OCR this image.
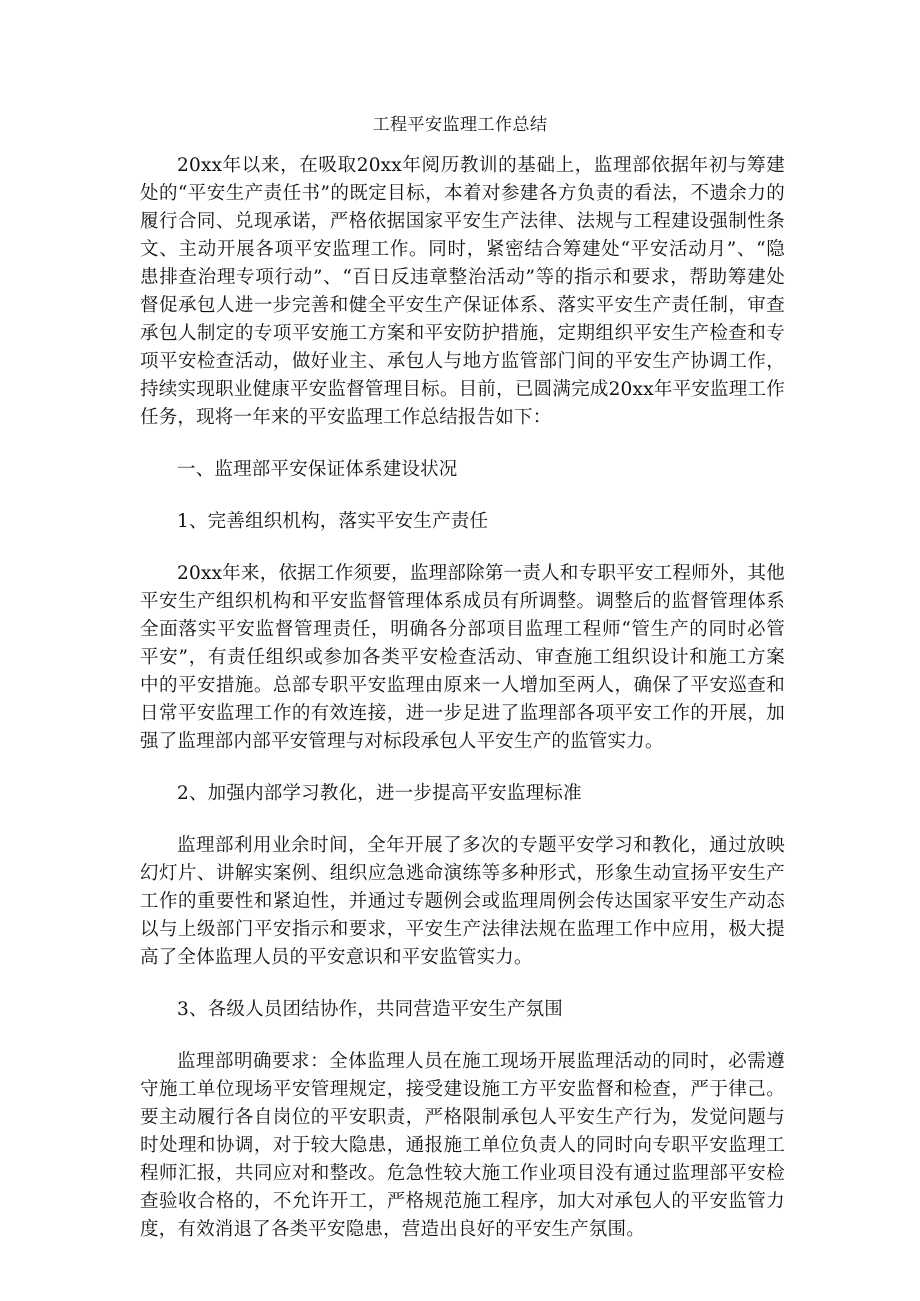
工程平安监理工作总结

20xx年以来，在吸取20xx年阅历教训的基础上，监理部依据年初与筹建处的“平安生产责任书”的既定目标，本着对参建各方负责的看法，不遗余力的履行合同、兑现承诺，严格依据国家平安生产法律、法规与工程建设强制性条文、主动开展各项平安监理工作。同时，紧密结合筹建处“平安活动月”、“隐患排查治理专项行动”、“百日反违章整治活动”等的指示和要求，帮助筹建处督促承包人进一步完善和健全平安生产保证体系、落实平安生产责任制，审查承包人制定的专项平安施工方案和平安防护措施，定期组织平安生产检查和专项平安检查活动，做好业主、承包人与地方监管部门间的平安生产协调工作，持续实现职业健康平安监督管理目标。目前，已圆满完成20xx年平安监理工作任务，现将一年来的平安监理工作总结报告如下：

一、监理部平安保证体系建设状况

1、完善组织机构，落实平安生产责任

20xx年来，依据工作须要，监理部除第一责人和专职平安工程师外，其他平安生产组织机构和平安监督管理体系成员有所调整。调整后的监督管理体系全面落实平安监督管理责任，明确各分部项目监理工程师“管生产的同时必管平安”，有责任组织或参加各类平安检查活动、审查施工组织设计和施工方案中的平安措施。总部专职平安监理由原来一人增加至两人，确保了平安巡查和日常平安监理工作的有效连接，进一步足进了监理部各项平安工作的开展，加强了监理部内部平安管理与对标段承包人平安生产的监管实力。

2、加强内部学习教化，进一步提高平安监理标准

监理部利用业余时间，全年开展了多次的专题平安学习和教化，通过放映幻灯片、讲解实案例、组织应急逃命演练等多种形式，形象生动宣扬平安生产工作的重要性和紧迫性，并通过专题例会或监理周例会传达国家平安生产动态以与上级部门平安指示和要求，平安生产法律法规在监理工作中应用，极大提高了全体监理人员的平安意识和平安监管实力。

3、各级人员团结协作，共同营造平安生产氛围

监理部明确要求：全体监理人员在施工现场开展监理活动的同时，必需遵守施工单位现场平安管理规定，接受建设施工方平安监督和检查，严于律己。要主动履行各自岗位的平安职责，严格限制承包人平安生产行为，发觉问题与时处理和协调，对于较大隐患，通报施工单位负责人的同时向专职平安监理工程师汇报，共同应对和整改。危急性较大施工作业项目没有通过监理部平安检查验收合格的，不允许开工，严格规范施工程序，加大对承包人的平安监管力度，有效消退了各类平安隐患，营造出良好的平安生产氛围。
